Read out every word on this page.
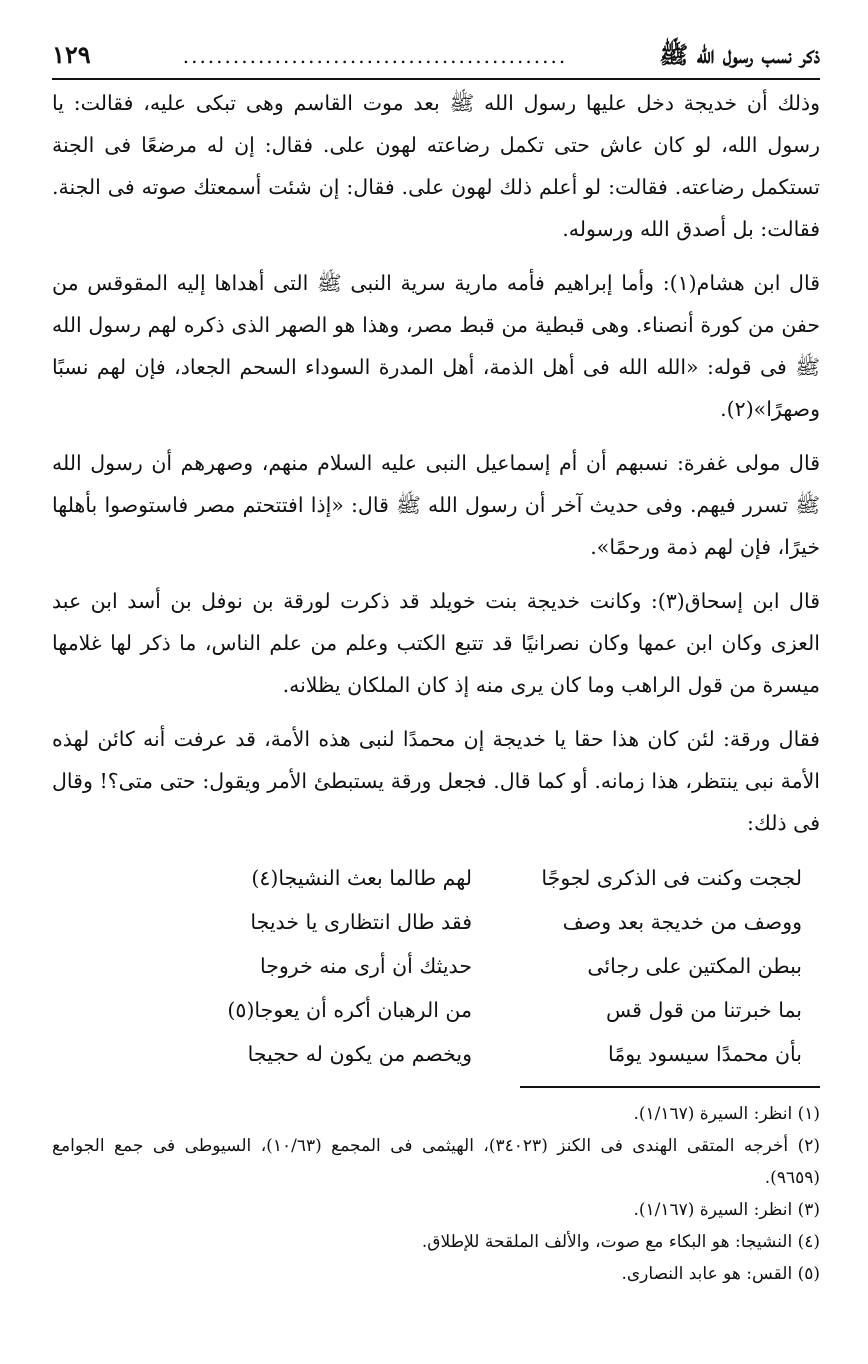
ذكر نسب رسول الله ﷺ
..............................................
١٢٩

وذلك أن خديجة دخل عليها رسول الله ﷺ بعد موت القاسم وهى تبكى عليه، فقالت: يا رسول الله، لو كان عاش حتى تكمل رضاعته لهون على. فقال: إن له مرضعًا فى الجنة تستكمل رضاعته. فقالت: لو أعلم ذلك لهون على. فقال: إن شئت أسمعتك صوته فى الجنة. فقالت: بل أصدق الله ورسوله.

قال ابن هشام(١): وأما إبراهيم فأمه مارية سرية النبى ﷺ التى أهداها إليه المقوقس من حفن من كورة أنصناء. وهى قبطية من قبط مصر، وهذا هو الصهر الذى ذكره لهم رسول الله ﷺ فى قوله: «الله الله فى أهل الذمة، أهل المدرة السوداء السحم الجعاد، فإن لهم نسبًا وصهرًا»(٢).

قال مولى غفرة: نسبهم أن أم إسماعيل النبى عليه السلام منهم، وصهرهم أن رسول الله ﷺ تسرر فيهم. وفى حديث آخر أن رسول الله ﷺ قال: «إذا افتتحتم مصر فاستوصوا بأهلها خيرًا، فإن لهم ذمة ورحمًا».

قال ابن إسحاق(٣): وكانت خديجة بنت خويلد قد ذكرت لورقة بن نوفل بن أسد ابن عبد العزى وكان ابن عمها وكان نصرانيًا قد تتبع الكتب وعلم من علم الناس، ما ذكر لها غلامها ميسرة من قول الراهب وما كان يرى منه إذ كان الملكان يظلانه.

فقال ورقة: لئن كان هذا حقا يا خديجة إن محمدًا لنبى هذه الأمة، قد عرفت أنه كائن لهذه الأمة نبى ينتظر، هذا زمانه. أو كما قال. فجعل ورقة يستبطئ الأمر ويقول: حتى متى؟! وقال فى ذلك:

لججت وكنت فى الذكرى لجوجًا
لهم طالما بعث النشيجا(٤)
ووصف من خديجة بعد وصف
فقد طال انتظارى يا خديجا
ببطن المكتين على رجائى
حديثك أن أرى منه خروجا
بما خبرتنا من قول قس
من الرهبان أكره أن يعوجا(٥)
بأن محمدًا سيسود يومًا
ويخصم من يكون له حجيجا

(١) انظر: السيرة (١/١٦٧).

(٢) أخرجه المتقى الهندى فى الكنز (٣٤٠٢٣)، الهيثمى فى المجمع (١٠/٦٣)، السيوطى فى جمع الجوامع (٩٦٥٩).

(٣) انظر: السيرة (١/١٦٧).

(٤) النشيجا: هو البكاء مع صوت، والألف الملقحة للإطلاق.

(٥) القس: هو عابد النصارى.
